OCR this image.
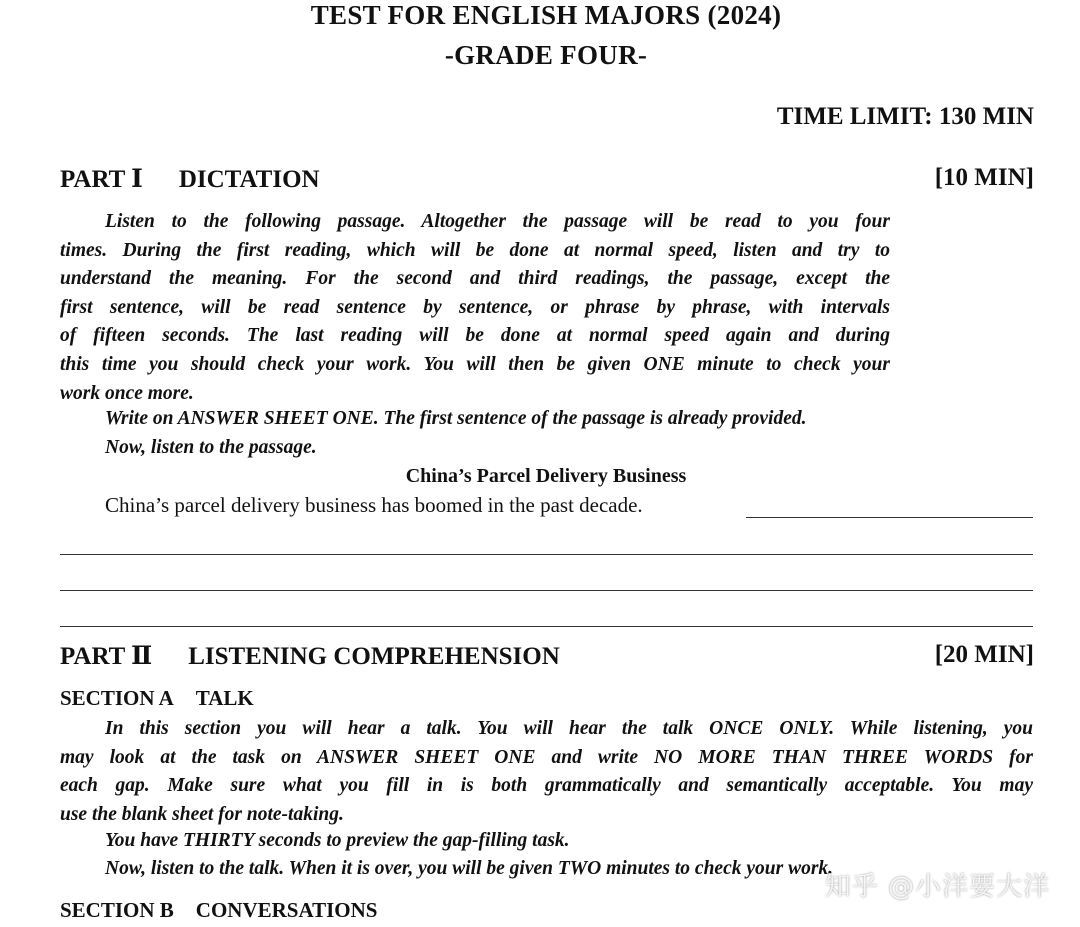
TEST FOR ENGLISH MAJORS (2024)
-GRADE FOUR-
TIME LIMIT: 130 MIN
PART Ⅰ DICTATION	[10 MIN]
Listen to the following passage. Altogether the passage will be read to you four
times. During the first reading, which will be done at normal speed, listen and try to
understand the meaning. For the second and third readings, the passage, except the
first sentence, will be read sentence by sentence, or phrase by phrase, with intervals
of fifteen seconds. The last reading will be done at normal speed again and during
this time you should check your work. You will then be given ONE minute to check your
work once more.
Write on ANSWER SHEET ONE. The first sentence of the passage is already provided.
Now, listen to the passage.
China’s Parcel Delivery Business
China’s parcel delivery business has boomed in the past decade.
PART Ⅱ LISTENING COMPREHENSION	[20 MIN]
SECTION A TALK
In this section you will hear a talk. You will hear the talk ONCE ONLY. While listening, you
may look at the task on ANSWER SHEET ONE and write NO MORE THAN THREE WORDS for
each gap. Make sure what you fill in is both grammatically and semantically acceptable. You may
use the blank sheet for note-taking.
You have THIRTY seconds to preview the gap-filling task.
Now, listen to the talk. When it is over, you will be given TWO minutes to check your work.
SECTION B CONVERSATIONS
知乎 @小洋要大洋
